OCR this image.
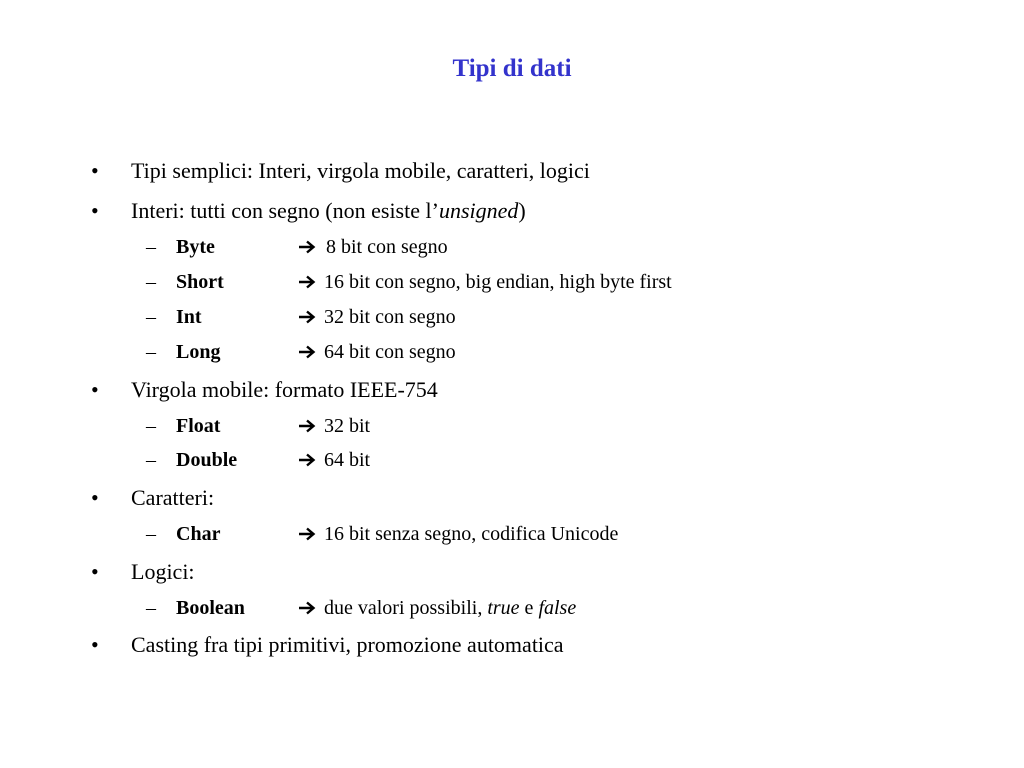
Tipi di dati
• Tipi semplici: Interi, virgola mobile, caratteri, logici
• Interi: tutti con segno (non esiste l’unsigned)
– Byte	8 bit con segno
– Short	16 bit con segno, big endian, high byte first
– Int	32 bit con segno
– Long	64 bit con segno
• Virgola mobile: formato IEEE-754
– Float	32 bit
– Double	64 bit
• Caratteri:
– Char	16 bit senza segno, codifica Unicode
• Logici:
– Boolean	due valori possibili, true e false
• Casting fra tipi primitivi, promozione automatica
